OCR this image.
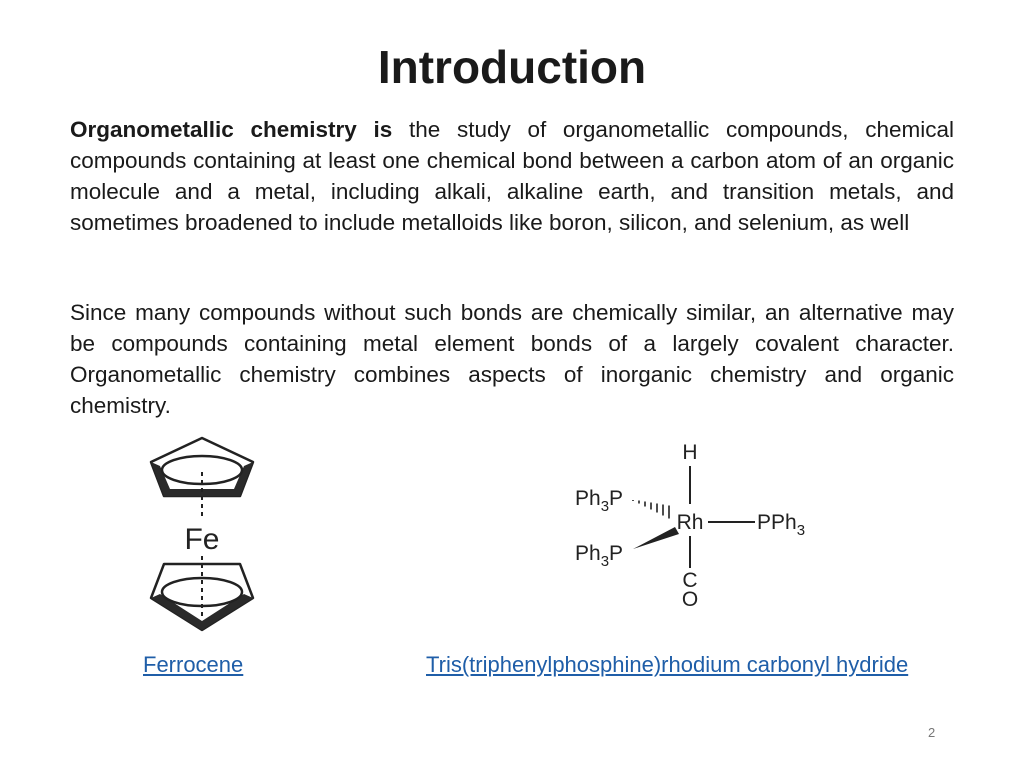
Introduction

Organometallic chemistry is the study of organometallic compounds, chemical compounds containing at least one chemical bond between a carbon atom of an organic molecule and a metal, including alkali, alkaline earth, and transition metals, and sometimes broadened to include metalloids like boron, silicon, and selenium, as well

Since many compounds without such bonds are chemically similar, an alternative may be compounds containing metal element bonds of a largely covalent character. Organometallic chemistry combines aspects of inorganic chemistry and organic chemistry.

Fe
H
Rh	PPh$_3$
C
O
$Ph_3P$
$Ph_3P$
Ferrocene	Tris(triphenylphosphine)rhodium carbonyl hydride
2
